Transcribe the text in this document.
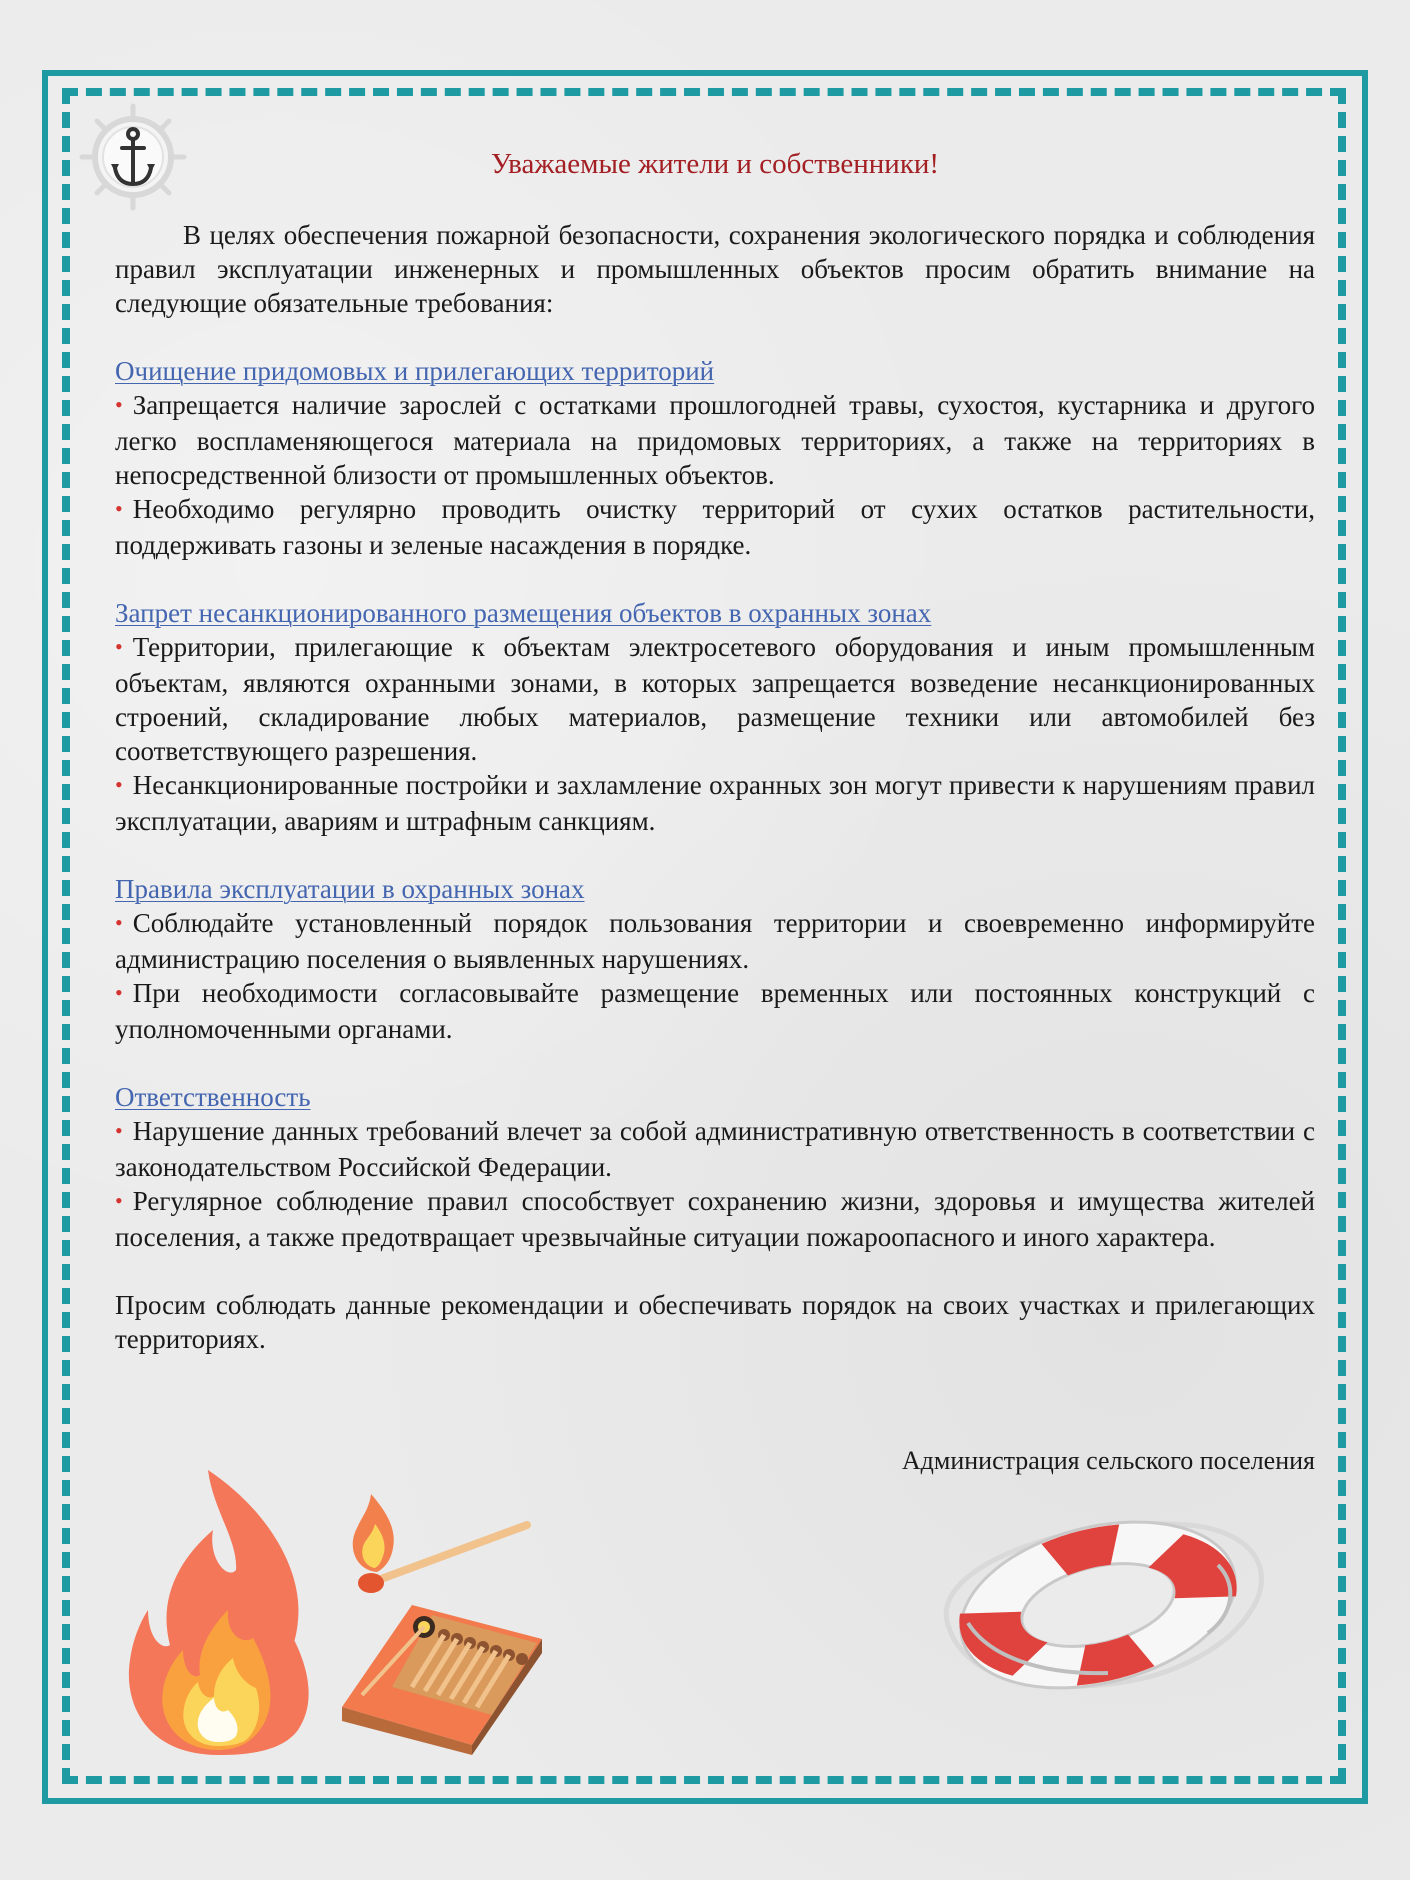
Уважаемые жители и собственники!

В целях обеспечения пожарной безопасности, сохранения экологического порядка и соблюдения правил эксплуатации инженерных и промышленных объектов просим обратить внимание на следующие обязательные требования:

Очищение придомовых и прилегающих территорий

• Запрещается наличие зарослей с остатками прошлогодней травы, сухостоя, кустарника и другого легко воспламеняющегося материала на придомовых территориях, а также на территориях в непосредственной близости от промышленных объектов.

• Необходимо регулярно проводить очистку территорий от сухих остатков растительности, поддерживать газоны и зеленые насаждения в порядке.

Запрет несанкционированного размещения объектов в охранных зонах

• Территории, прилегающие к объектам электросетевого оборудования и иным промышленным объектам, являются охранными зонами, в которых запрещается возведение несанкционированных строений, складирование любых материалов, размещение техники или автомобилей без соответствующего разрешения.

• Несанкционированные постройки и захламление охранных зон могут привести к нарушениям правил эксплуатации, авариям и штрафным санкциям.

Правила эксплуатации в охранных зонах

• Соблюдайте установленный порядок пользования территории и своевременно информируйте администрацию поселения о выявленных нарушениях.

• При необходимости согласовывайте размещение временных или постоянных конструкций с уполномоченными органами.

Ответственность

• Нарушение данных требований влечет за собой административную ответственность в соответствии с законодательством Российской Федерации.

• Регулярное соблюдение правил способствует сохранению жизни, здоровья и имущества жителей поселения, а также предотвращает чрезвычайные ситуации пожароопасного и иного характера.

Просим соблюдать данные рекомендации и обеспечивать порядок на своих участках и прилегающих территориях.

Администрация сельского поселения
